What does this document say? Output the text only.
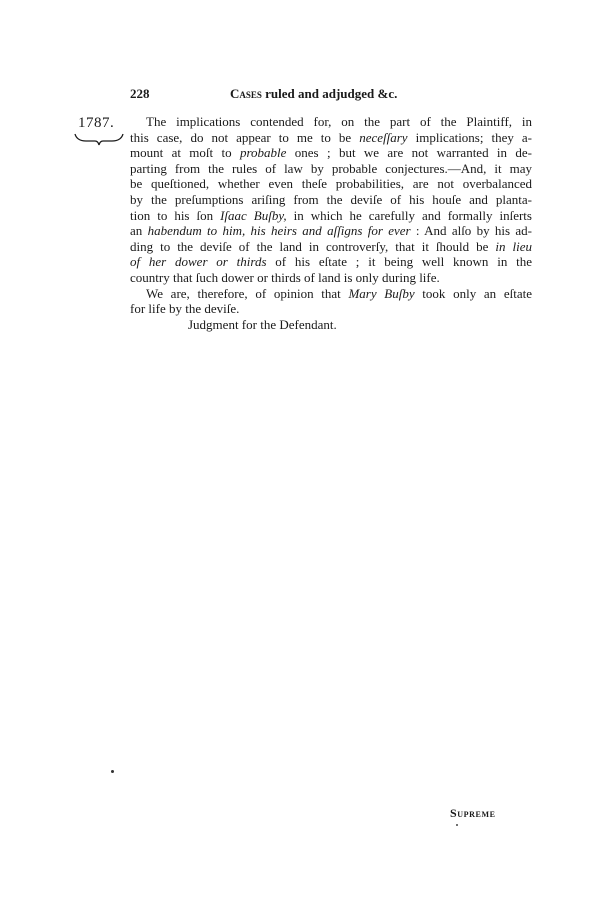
228	Cases ruled and adjudged &c.
1787.	The implications contended for, on the part of the Plaintiff, in
this case, do not appear to me to be neceſſary implications; they a-
mount at moſt to probable ones ; but we are not warranted in de-
parting from the rules of law by probable conjectures.—And, it may
be queſtioned, whether even theſe probabilities, are not overbalanced
by the preſumptions ariſing from the deviſe of his houſe and planta-
tion to his ſon Iſaac Buſby, in which he carefully and formally inſerts
an habendum to him, his heirs and aſſigns for ever : And alſo by his ad-
ding to the deviſe of the land in controverſy, that it ſhould be in lieu
of her dower or thirds of his eſtate ; it being well known in the
country that ſuch dower or thirds of land is only during life.
We are, therefore, of opinion that Mary Buſby took only an eſtate
for life by the deviſe.
Judgment for the Defendant.
Supreme
